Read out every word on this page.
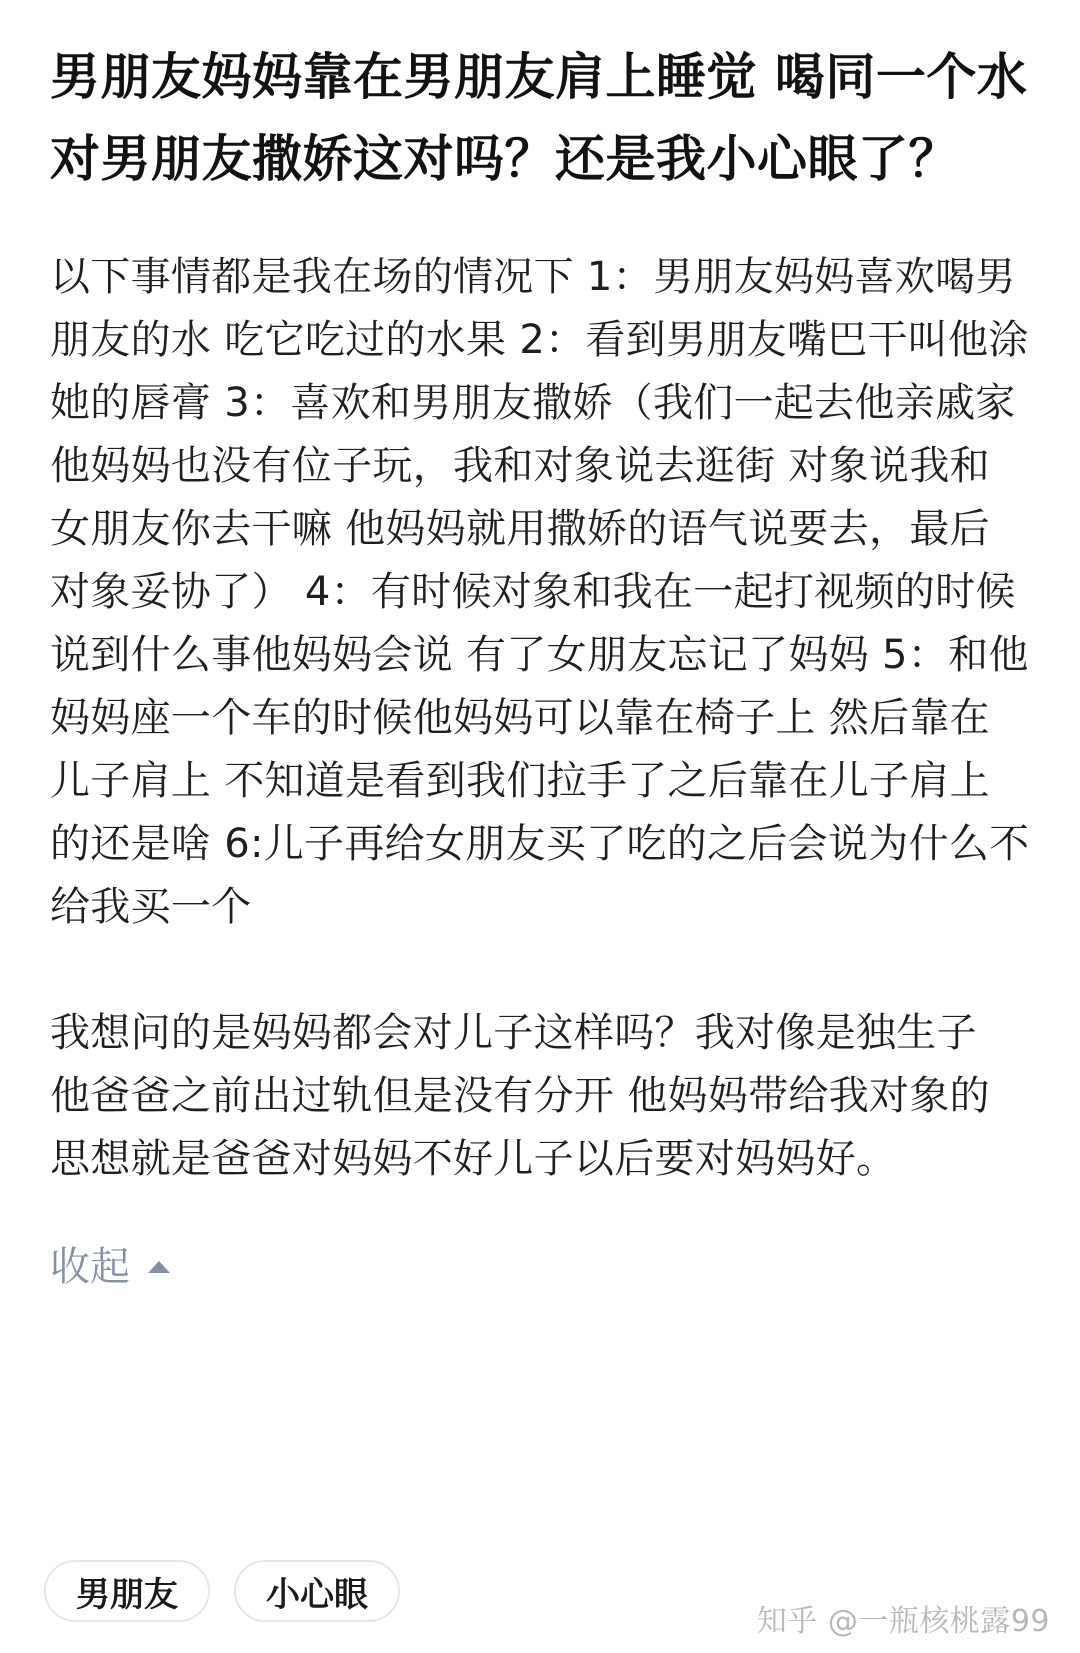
男朋友妈妈靠在男朋友肩上睡觉 喝同一个水 对男朋友撒娇这对吗？还是我小心眼了？

以下事情都是我在场的情况下 1：男朋友妈妈喜欢喝男朋友的水 吃它吃过的水果 2：看到男朋友嘴巴干叫他涂她的唇膏 3：喜欢和男朋友撒娇（我们一起去他亲戚家他妈妈也没有位子玩，我和对象说去逛街 对象说我和女朋友你去干嘛 他妈妈就用撒娇的语气说要去，最后对象妥协了） 4：有时候对象和我在一起打视频的时候说到什么事他妈妈会说 有了女朋友忘记了妈妈 5：和他妈妈座一个车的时候他妈妈可以靠在椅子上 然后靠在儿子肩上 不知道是看到我们拉手了之后靠在儿子肩上的还是啥 6:儿子再给女朋友买了吃的之后会说为什么不给我买一个

我想问的是妈妈都会对儿子这样吗？我对像是独生子 他爸爸之前出过轨但是没有分开 他妈妈带给我对象的思想就是爸爸对妈妈不好儿子以后要对妈妈好。

收起
男朋友	小心眼
知乎 @一瓶核桃露99
